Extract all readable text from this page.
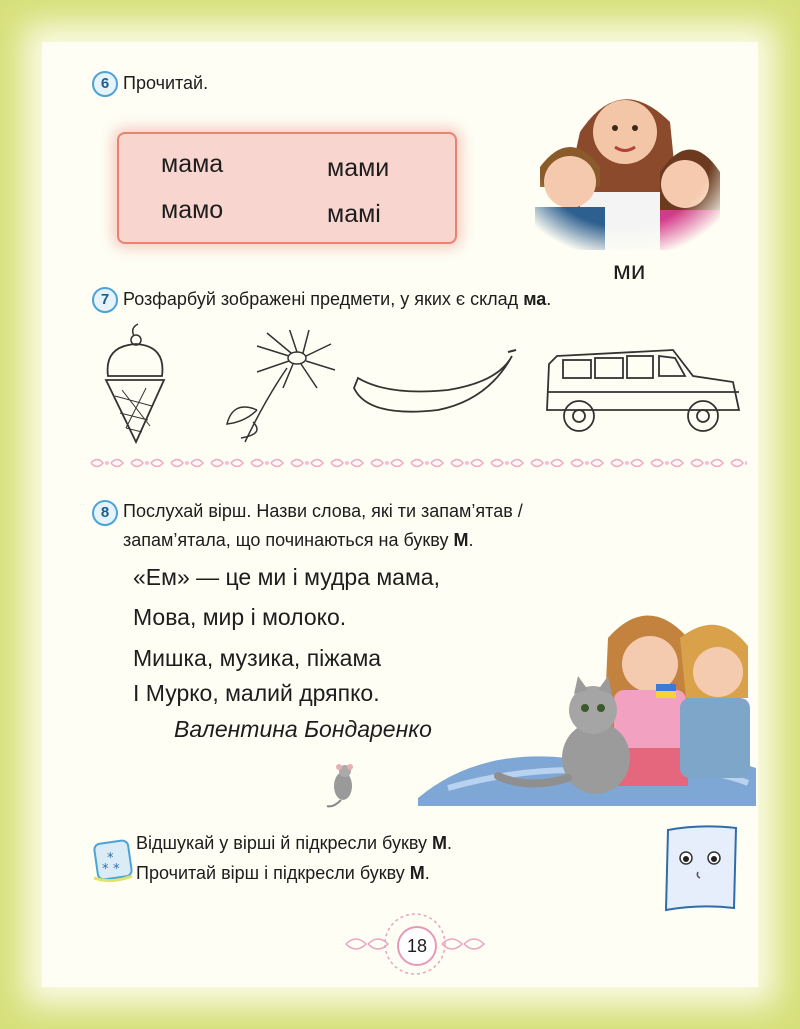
6 Прочитай.
мама	мами
мамо	мамі
ми
7 Розфарбуй зображені предмети, у яких є склад ма.
8 Послухай вірш. Назви слова, які ти запам’ятав /
запам’ятала, що починаються на букву М.
«Ем» — це ми і мудра мама,
Мова, мир і молоко.
Мишка, музика, піжама
І Мурко, малий дряпко.
Валентина Бондаренко
*
* *
Відшукай у вірші й підкресли букву М.
Прочитай вірш і підкресли букву М.
18
